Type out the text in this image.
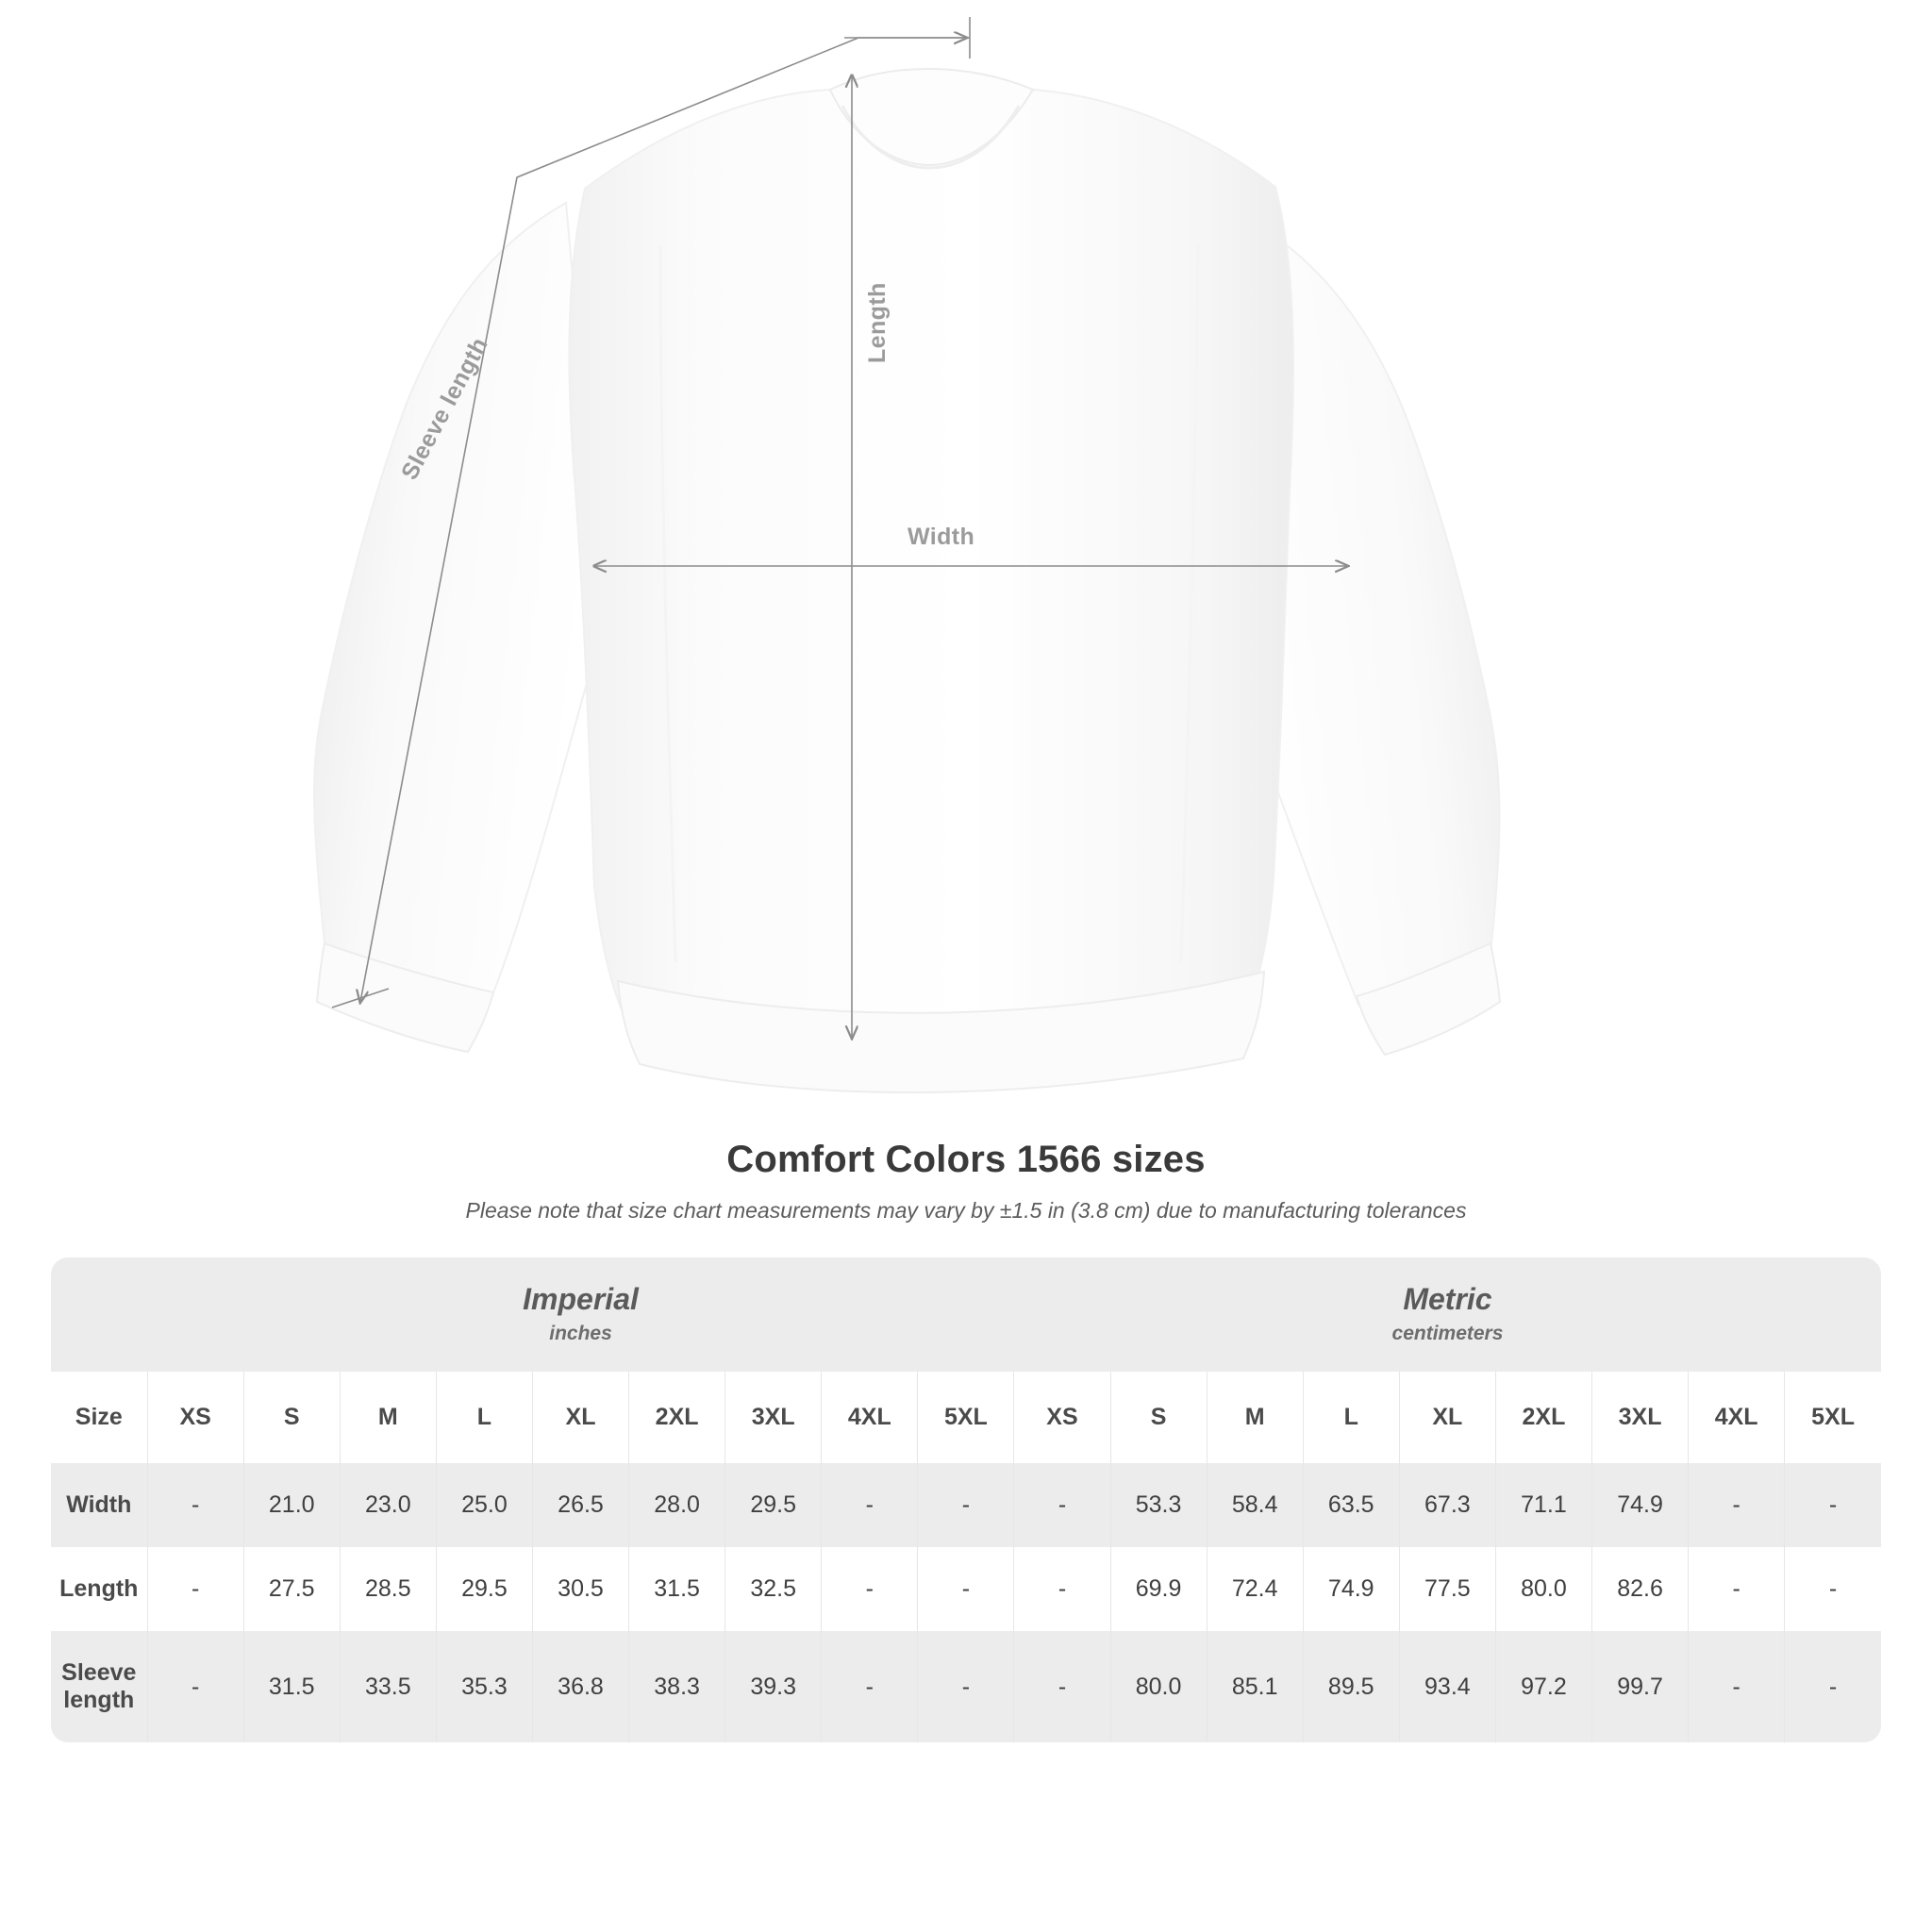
Width
Length
Sleeve length
Comfort Colors 1566 sizes

Please note that size chart measurements may vary by ±1.5 in (3.8 cm) due to manufacturing tolerances

Imperial
inches

Metric
centimeters

Size	XS	S	M	L	XL	2XL	3XL	4XL	5XL	XS	S	M	L	XL	2XL	3XL	4XL	5XL
Width	-	21.0	23.0	25.0	26.5	28.0	29.5	-	-	-	53.3	58.4	63.5	67.3	71.1	74.9	-	-
Length	-	27.5	28.5	29.5	30.5	31.5	32.5	-	-	-	69.9	72.4	74.9	77.5	80.0	82.6	-	-
Sleeve length	-	31.5	33.5	35.3	36.8	38.3	39.3	-	-	-	80.0	85.1	89.5	93.4	97.2	99.7	-	-
